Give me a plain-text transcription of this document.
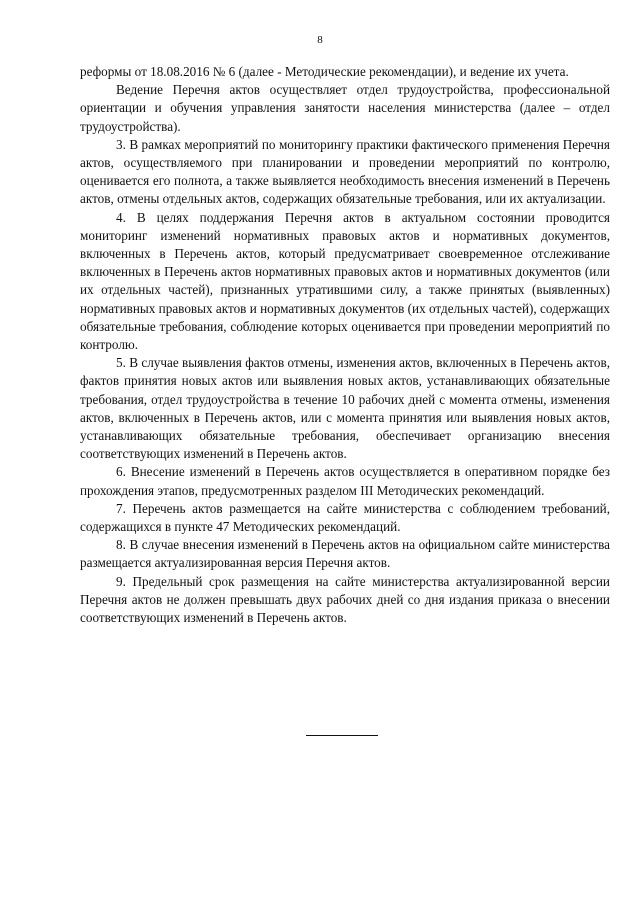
8

реформы от 18.08.2016 № 6 (далее - Методические рекомендации), и ведение их учета.

Ведение Перечня актов осуществляет отдел трудоустройства, профессиональной ориентации и обучения управления занятости населения министерства (далее – отдел трудоустройства).

3. В рамках мероприятий по мониторингу практики фактического применения Перечня актов, осуществляемого при планировании и проведении мероприятий по контролю, оценивается его полнота, а также выявляется необходимость внесения изменений в Перечень актов, отмены отдельных актов, содержащих обязательные требования, или их актуализации.

4. В целях поддержания Перечня актов в актуальном состоянии проводится мониторинг изменений нормативных правовых актов и нормативных документов, включенных в Перечень актов, который предусматривает своевременное отслеживание включенных в Перечень актов нормативных правовых актов и нормативных документов (или их отдельных частей), признанных утратившими силу, а также принятых (выявленных) нормативных правовых актов и нормативных документов (их отдельных частей), содержащих обязательные требования, соблюдение которых оценивается при проведении мероприятий по контролю.

5. В случае выявления фактов отмены, изменения актов, включенных в Перечень актов, фактов принятия новых актов или выявления новых актов, устанавливающих обязательные требования, отдел трудоустройства в течение 10 рабочих дней с момента отмены, изменения актов, включенных в Перечень актов, или с момента принятия или выявления новых актов, устанавливающих обязательные требования, обеспечивает организацию внесения соответствующих изменений в Перечень актов.

6. Внесение изменений в Перечень актов осуществляется в оперативном порядке без прохождения этапов, предусмотренных разделом III Методических рекомендаций.

7. Перечень актов размещается на сайте министерства с соблюдением требований, содержащихся в пункте 47 Методических рекомендаций.

8. В случае внесения изменений в Перечень актов на официальном сайте министерства размещается актуализированная версия Перечня актов.

9. Предельный срок размещения на сайте министерства актуализированной версии Перечня актов не должен превышать двух рабочих дней со дня издания приказа о внесении соответствующих изменений в Перечень актов.
